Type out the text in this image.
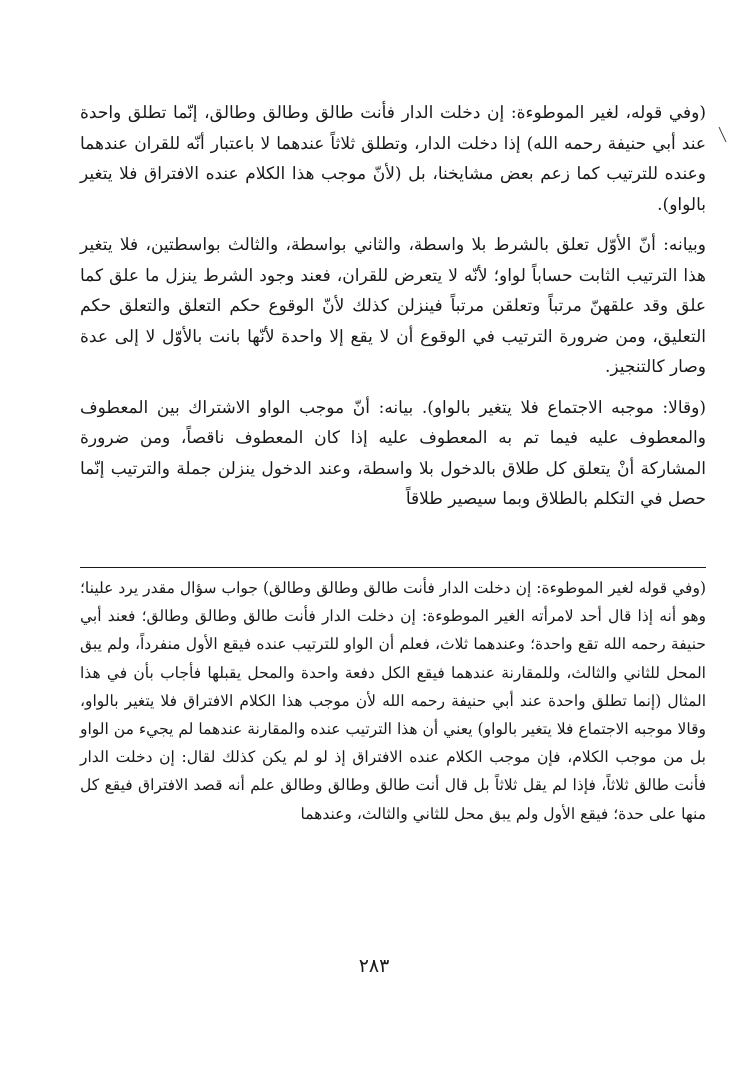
(وفي قوله، لغير الموطوءة: إن دخلت الدار فأنت طالق وطالق وطالق، إنّما تطلق واحدة عند أبي حنيفة رحمه الله) إذا دخلت الدار، وتطلق ثلاثاً عندهما لا باعتبار أنّه للقران عندهما وعنده للترتيب كما زعم بعض مشايخنا، بل (لأنّ موجب هذا الكلام عنده الافتراق فلا يتغير بالواو).

وبيانه: أنّ الأوّل تعلق بالشرط بلا واسطة، والثاني بواسطة، والثالث بواسطتين، فلا يتغير هذا الترتيب الثابت حساباً لواو؛ لأنّه لا يتعرض للقران، فعند وجود الشرط ينزل ما علق كما علق وقد علقهنّ مرتباً وتعلقن مرتباً فينزلن كذلك لأنّ الوقوع حكم التعلق والتعلق حكم التعليق، ومن ضرورة الترتيب في الوقوع أن لا يقع إلا واحدة لأنّها بانت بالأوّل لا إلى عدة وصار كالتنجيز.

(وقالا: موجبه الاجتماع فلا يتغير بالواو). بيانه: أنّ موجب الواو الاشتراك بين المعطوف والمعطوف عليه فيما تم به المعطوف عليه إذا كان المعطوف ناقصاً، ومن ضرورة المشاركة أنْ يتعلق كل طلاق بالدخول بلا واسطة، وعند الدخول ينزلن جملة والترتيب إنّما حصل في التكلم بالطلاق وبما سيصير طلاقاً

(وفي قوله لغير الموطوءة: إن دخلت الدار فأنت طالق وطالق وطالق) جواب سؤال مقدر يرد علينا؛ وهو أنه إذا قال أحد لامرأته الغير الموطوءة: إن دخلت الدار فأنت طالق وطالق وطالق؛ فعند أبي حنيفة رحمه الله تقع واحدة؛ وعندهما ثلاث، فعلم أن الواو للترتيب عنده فيقع الأول منفرداً، ولم يبق المحل للثاني والثالث، وللمقارنة عندهما فيقع الكل دفعة واحدة والمحل يقبلها فأجاب بأن في هذا المثال (إنما تطلق واحدة عند أبي حنيفة رحمه الله لأن موجب هذا الكلام الافتراق فلا يتغير بالواو، وقالا موجبه الاجتماع فلا يتغير بالواو) يعني أن هذا الترتيب عنده والمقارنة عندهما لم يجيء من الواو بل من موجب الكلام، فإن موجب الكلام عنده الافتراق إذ لو لم يكن كذلك لقال: إن دخلت الدار فأنت طالق ثلاثاً، فإذا لم يقل ثلاثاً بل قال أنت طالق وطالق وطالق علم أنه قصد الافتراق فيقع كل منها على حدة؛ فيقع الأول ولم يبق محل للثاني والثالث، وعندهما

٢٨٣
